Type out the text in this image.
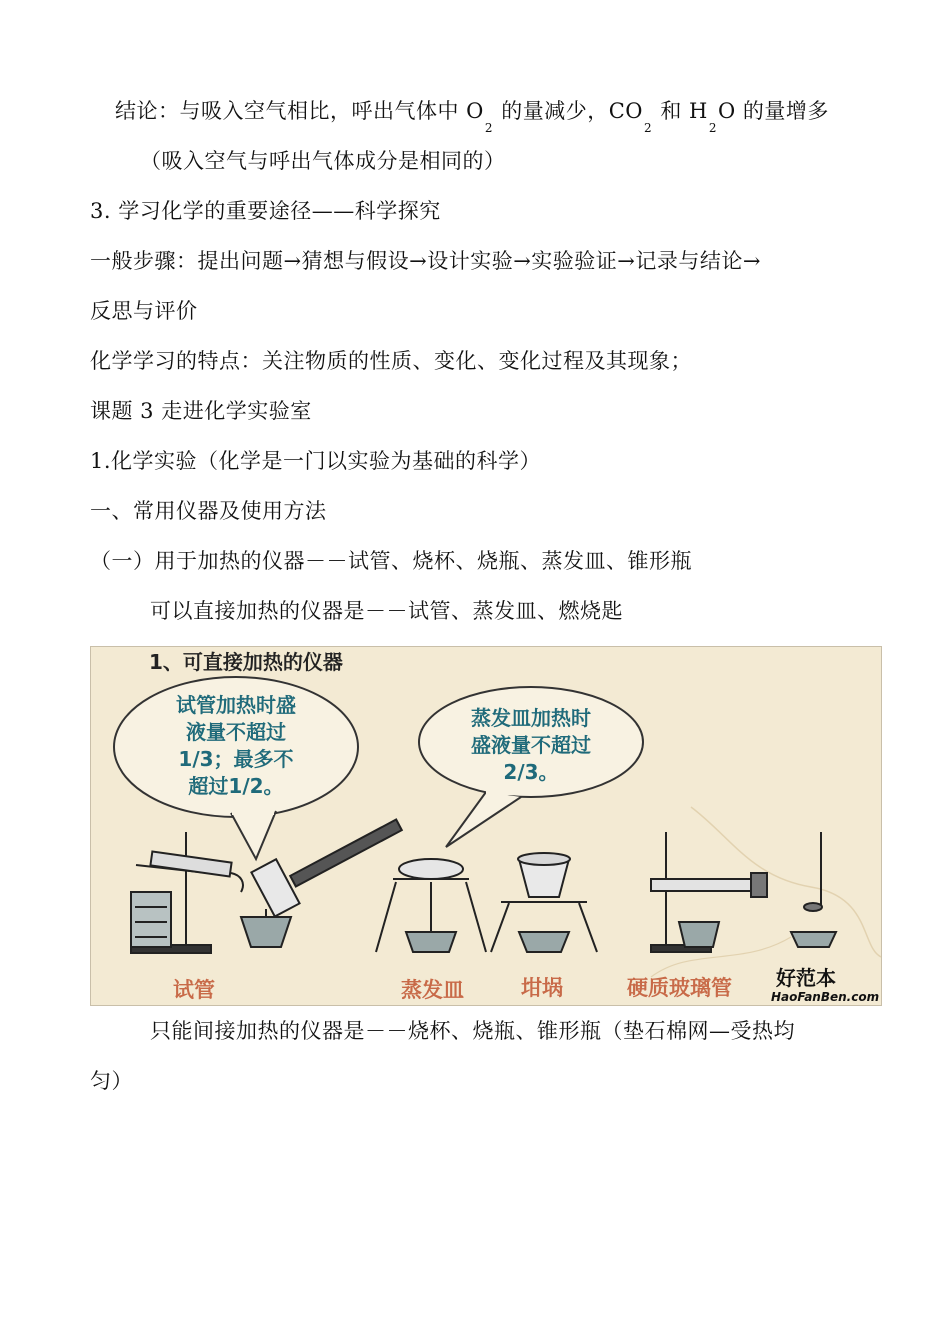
结论：与吸入空气相比，呼出气体中 $O_2$ 的量减少，$CO_2$ 和 $H_2O$ 的量增多
（吸入空气与呼出气体成分是相同的）
3. 学习化学的重要途径——科学探究
一般步骤：提出问题→猜想与假设→设计实验→实验验证→记录与结论→
反思与评价
化学学习的特点：关注物质的性质、变化、变化过程及其现象；
课题 3 走进化学实验室
1.化学实验（化学是一门以实验为基础的科学）
一、常用仪器及使用方法
（一）用于加热的仪器－－试管、烧杯、烧瓶、蒸发皿、锥形瓶
可以直接加热的仪器是－－试管、蒸发皿、燃烧匙
1、可直接加热的仪器
试管加热时盛
液量不超过
1/3；最多不
超过1/2。
蒸发皿加热时
盛液量不超过
2/3。
试管	蒸发皿	坩埚	硬质玻璃管 好范本
HaoFanBen.com
只能间接加热的仪器是－－烧杯、烧瓶、锥形瓶（垫石棉网—受热均
匀）
